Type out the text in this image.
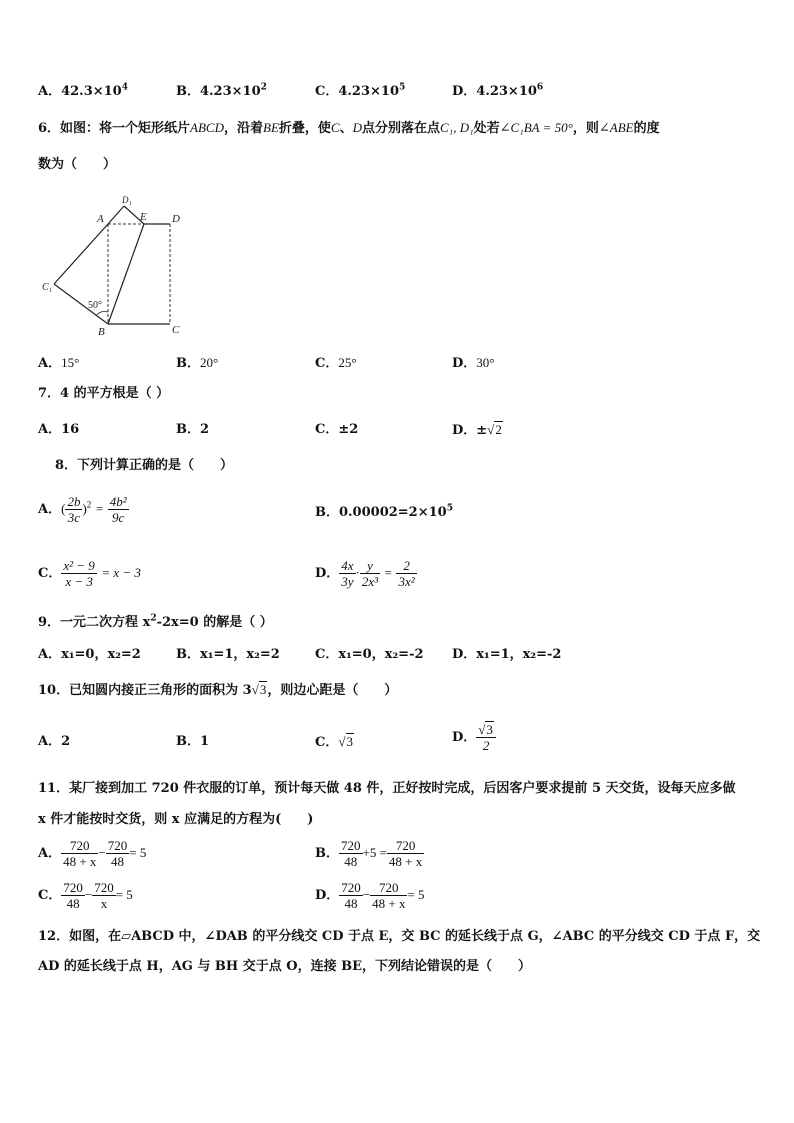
A．$42.3\times 10^4$	B．$4.23\times 10^2$	C．$4.23\times 10^5$	D．$4.23\times 10^6$
6．如图：将一个矩形纸片ABCD，沿着BE折叠，使C、D点分别落在点C₁, D₁处若∠C₁BA = 50°，则∠ABE的度
数为（　　）
D 1
A	E D
C 1
50°
B	C
A．15°	B．20°	C．25°	D．30°
7．4 的平方根是（ ）
A．16	B．2	C．±2	D．±√2
8．下列计算正确的是（　　）
A．( $\frac{2b}{3c} )^2 = \frac{\text{4b²}}{9c}$	B．$0.00002=2\times 10^5$
C． $\frac{\text{x² − 9}}{x - 3} = x - 3$	D． $\frac{4x}{3y} \cdot \frac{y}{\text{2x³}} = \frac{2}{\text{3x²}}$
9．一元二次方程 $x^2-2x=0$ 的解是（ ）
A．x₁=0，x₂=2	B．x₁=1，x₂=2	C．x₁=0，x₂=-2 D．x₁=1，x₂=-2
10．已知圆内接正三角形的面积为 3√3，则边心距是（　　）
A．2	B．1	C．√3	D． $\frac{√3}{2}$
11．某厂接到加工 720 件衣服的订单，预计每天做 48 件，正好按时完成，后因客户要求提前 5 天交货，设每天应多做
x 件才能按时交货，则 x 应满足的方程为(　　)
A． $\frac{720}{48 + x} - \frac{720}{48} = 5$	B． $\frac{720}{48} +5 = \frac{720}{48 + x}$
C． $\frac{720}{48} - \frac{720}{x} = 5$	D． $\frac{720}{48} - \frac{720}{48 + x} = 5$
12．如图，在▱ABCD 中，∠DAB 的平分线交 CD 于点 E，交 BC 的延长线于点 G，∠ABC 的平分线交 CD 于点 F，交
AD 的延长线于点 H，AG 与 BH 交于点 O，连接 BE，下列结论错误的是（　　）
